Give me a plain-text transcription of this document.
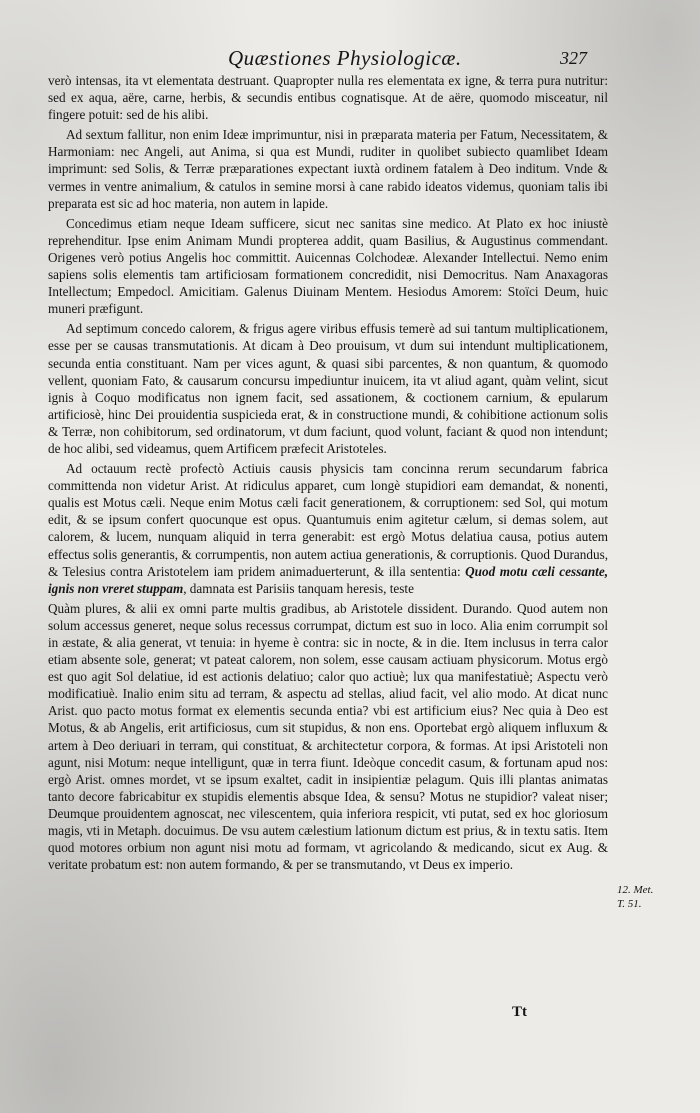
Quæstiones Physiologicæ.	327

verò intensas, ita vt elementata destruant. Quapropter nulla res elementata ex igne, & terra pura nutritur: sed ex aqua, aëre, carne, herbis, & secundis entibus cognatisque. At de aëre, quomodo misceatur, nil fingere potuit: sed de his alibi.

Ad sextum fallitur, non enim Ideæ imprimuntur, nisi in præparata materia per Fatum, Necessitatem, & Harmoniam: nec Angeli, aut Anima, si qua est Mundi, ruditer in quolibet subiecto quamlibet Ideam imprimunt: sed Solis, & Terræ præparationes expectant iuxtà ordinem fatalem à Deo inditum. Vnde & vermes in ventre animalium, & catulos in semine morsi à cane rabido ideatos videmus, quoniam talis ibi preparata est sic ad hoc materia, non autem in lapide.

Concedimus etiam neque Ideam sufficere, sicut nec sanitas sine medico. At Plato ex hoc iniustè reprehenditur. Ipse enim Animam Mundi propterea addit, quam Basilius, & Augustinus commendant. Origenes verò potius Angelis hoc committit. Auicennas Colchodeæ. Alexander Intellectui. Nemo enim sapiens solis elementis tam artificiosam formationem concredidit, nisi Democritus. Nam Anaxagoras Intellectum; Empedocl. Amicitiam. Galenus Diuinam Mentem. Hesiodus Amorem: Stoïci Deum, huic muneri præfigunt.

Ad septimum concedo calorem, & frigus agere viribus effusis temerè ad sui tantum multiplicationem, esse per se causas transmutationis. At dicam à Deo prouisum, vt dum sui intendunt multiplicationem, secunda entia constituant. Nam per vices agunt, & quasi sibi parcentes, & non quantum, & quomodo vellent, quoniam Fato, & causarum concursu impediuntur inuicem, ita vt aliud agant, quàm velint, sicut ignis à Coquo modificatus non ignem facit, sed assationem, & coctionem carnium, & epularum artificiosè, hinc Dei prouidentia suspicieda erat, & in constructione mundi, & cohibitione actionum solis & Terræ, non cohibitorum, sed ordinatorum, vt dum faciunt, quod volunt, faciant & quod non intendunt; de hoc alibi, sed videamus, quem Artificem præfecit Aristoteles.

Ad octauum rectè profectò Actiuis causis physicis tam concinna rerum secundarum fabrica committenda non videtur Arist. At ridiculus apparet, cum longè stupidiori eam demandat, & nonenti, qualis est Motus cæli. Neque enim Motus cæli facit generationem, & corruptionem: sed Sol, qui motum edit, & se ipsum confert quocunque est opus. Quantumuis enim agitetur cælum, si demas solem, aut calorem, & lucem, nunquam aliquid in terra generabit: est ergò Motus delatiua causa, potius autem effectus solis generantis, & corrumpentis, non autem actiua generationis, & corruptionis. Quod Durandus, & Telesius contra Aristotelem iam pridem animaduerterunt, & illa sententia: Quod motu cæli cessante, ignis non vreret stuppam, damnata est Parisiis tanquam heresis, teste

Quàm plures, & alii ex omni parte multis gradibus, ab Aristotele dissident. Durando. Quod autem non solum accessus generet, neque solus recessus corrumpat, dictum est suo in loco. Alia enim corrumpit sol in æstate, & alia generat, vt tenuia: in hyeme è contra: sic in nocte, & in die. Item inclusus in terra calor etiam absente sole, generat; vt pateat calorem, non solem, esse causam actiuam physicorum. Motus ergò est quo agit Sol delatiue, id est actionis delatiuo; calor quo actiuè; lux qua manifestatiuè; Aspectu verò modificatiuè. Inalio enim situ ad terram, & aspectu ad stellas, aliud facit, vel alio modo. At dicat nunc Arist. quo pacto motus format ex elementis secunda entia? vbi est artificium eius? Nec quia à Deo est Motus, & ab Angelis, erit artificiosus, cum sit stupidus, & non ens. Oportebat ergò aliquem influxum & artem à Deo deriuari in terram, qui constituat, & architectetur corpora, & formas. At ipsi Aristoteli non agunt, nisi Motum: neque intelligunt, quæ in terra fiunt. Ideòque concedit casum, & fortunam apud nos: ergò Arist. omnes mordet, vt se ipsum exaltet, cadit in insipientiæ pelagum. Quis illi plantas animatas tanto decore fabricabitur ex stupidis elementis absque Idea, & sensu? Motus ne stupidior? valeat niser; Deumque prouidentem agnoscat, nec vilescentem, quia inferiora respicit, vti putat, sed ex hoc gloriosum magis, vti in Metaph. docuimus. De vsu autem cælestium lationum dictum est prius, & in textu satis. Item quod motores orbium non agunt nisi motu ad formam, vt agricolando & medicando, sicut ex Aug. & veritate probatum est: non autem formando, & per se transmutando, vt Deus ex imperio.

12. Met.
T. 51.
Tt
